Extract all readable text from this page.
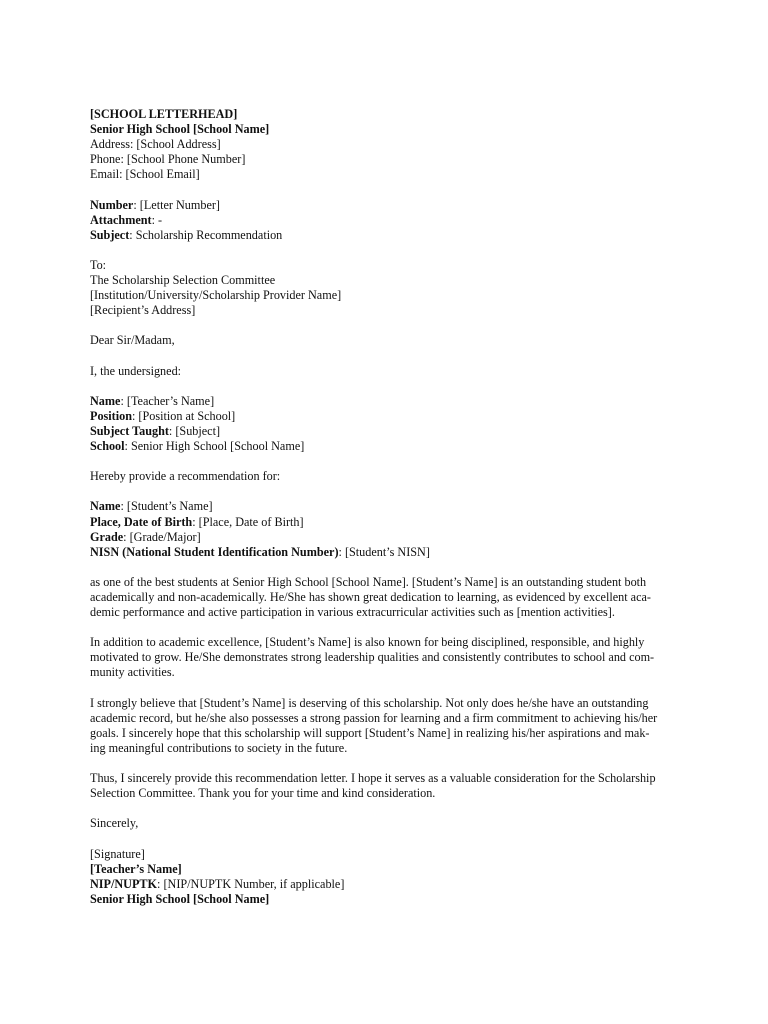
[SCHOOL LETTERHEAD]
Senior High School [School Name]
Address: [School Address]
Phone: [School Phone Number]
Email: [School Email]
Number: [Letter Number]
Attachment: -
Subject: Scholarship Recommendation
To:
The Scholarship Selection Committee
[Institution/University/Scholarship Provider Name]
[Recipient’s Address]
Dear Sir/Madam,
I, the undersigned:
Name: [Teacher’s Name]
Position: [Position at School]
Subject Taught: [Subject]
School: Senior High School [School Name]
Hereby provide a recommendation for:
Name: [Student’s Name]
Place, Date of Birth: [Place, Date of Birth]
Grade: [Grade/Major]
NISN (National Student Identification Number): [Student’s NISN]
as one of the best students at Senior High School [School Name]. [Student’s Name] is an outstanding student both
academically and non-academically. He/She has shown great dedication to learning, as evidenced by excellent aca-
demic performance and active participation in various extracurricular activities such as [mention activities].
In addition to academic excellence, [Student’s Name] is also known for being disciplined, responsible, and highly
motivated to grow. He/She demonstrates strong leadership qualities and consistently contributes to school and com-
munity activities.
I strongly believe that [Student’s Name] is deserving of this scholarship. Not only does he/she have an outstanding
academic record, but he/she also possesses a strong passion for learning and a firm commitment to achieving his/her
goals. I sincerely hope that this scholarship will support [Student’s Name] in realizing his/her aspirations and mak-
ing meaningful contributions to society in the future.
Thus, I sincerely provide this recommendation letter. I hope it serves as a valuable consideration for the Scholarship
Selection Committee. Thank you for your time and kind consideration.
Sincerely,
[Signature]
[Teacher’s Name]
NIP/NUPTK: [NIP/NUPTK Number, if applicable]
Senior High School [School Name]
